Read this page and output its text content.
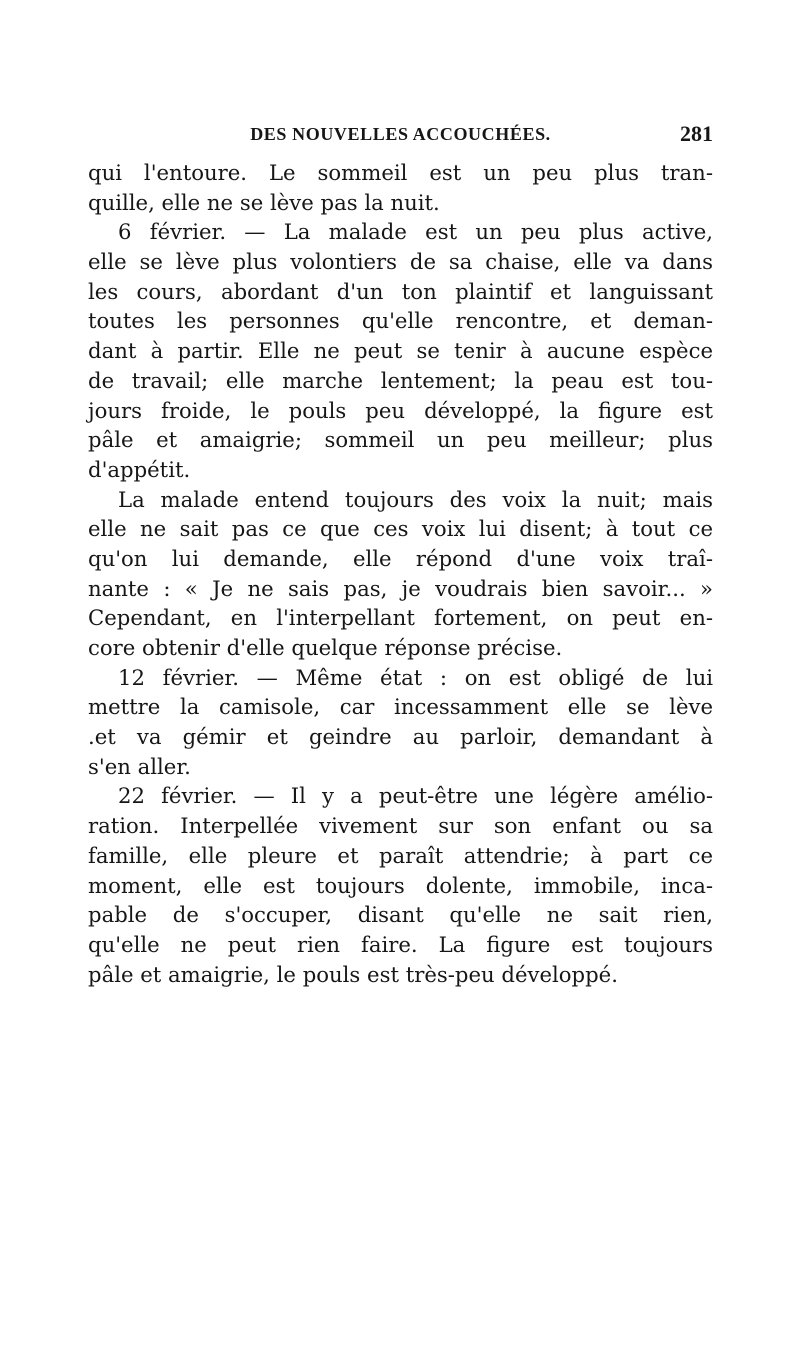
DES NOUVELLES ACCOUCHÉES.	281
qui l'entoure. Le sommeil est un peu plus tran-
quille, elle ne se lève pas la nuit.
6 février. — La malade est un peu plus active,
elle se lève plus volontiers de sa chaise, elle va dans
les cours, abordant d'un ton plaintif et languissant
toutes les personnes qu'elle rencontre, et deman-
dant à partir. Elle ne peut se tenir à aucune espèce
de travail; elle marche lentement; la peau est tou-
jours froide, le pouls peu développé, la figure est
pâle et amaigrie; sommeil un peu meilleur; plus
d'appétit.
La malade entend toujours des voix la nuit; mais
elle ne sait pas ce que ces voix lui disent; à tout ce
qu'on lui demande, elle répond d'une voix traî-
nante : « Je ne sais pas, je voudrais bien savoir... »
Cependant, en l'interpellant fortement, on peut en-
core obtenir d'elle quelque réponse précise.
12 février. — Même état : on est obligé de lui
mettre la camisole, car incessamment elle se lève
.et va gémir et geindre au parloir, demandant à
s'en aller.
22 février. — Il y a peut-être une légère amélio-
ration. Interpellée vivement sur son enfant ou sa
famille, elle pleure et paraît attendrie; à part ce
moment, elle est toujours dolente, immobile, inca-
pable de s'occuper, disant qu'elle ne sait rien,
qu'elle ne peut rien faire. La figure est toujours
pâle et amaigrie, le pouls est très-peu développé.
